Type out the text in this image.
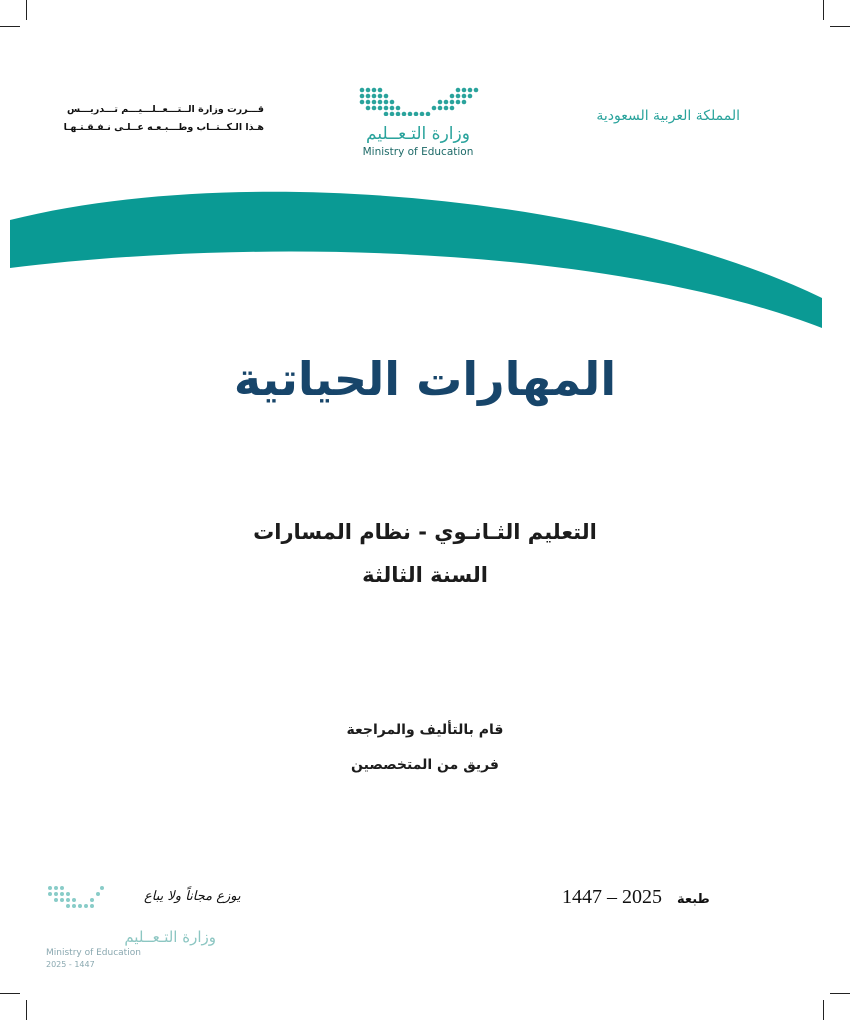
المملكة العربية السعودية

وزارة التـعــليم
Ministry of Education
قـــررت وزارة الــتـــعــلـــيـــم تـــدريـــس
هـذا الـكــتــاب وطـــبـعـه عــلـى نـفـقـتـهـا
المهارات الحياتية

التعليم الثـانـوي - نظام المسارات

السنة الثالثة

قام بالتأليف والمراجعة

فريق من المتخصصين

1447 – 2025 طبعة
يوزع مجاناً ولا يباع
وزارة التـعــليم
Ministry of Education
2025 - 1447
